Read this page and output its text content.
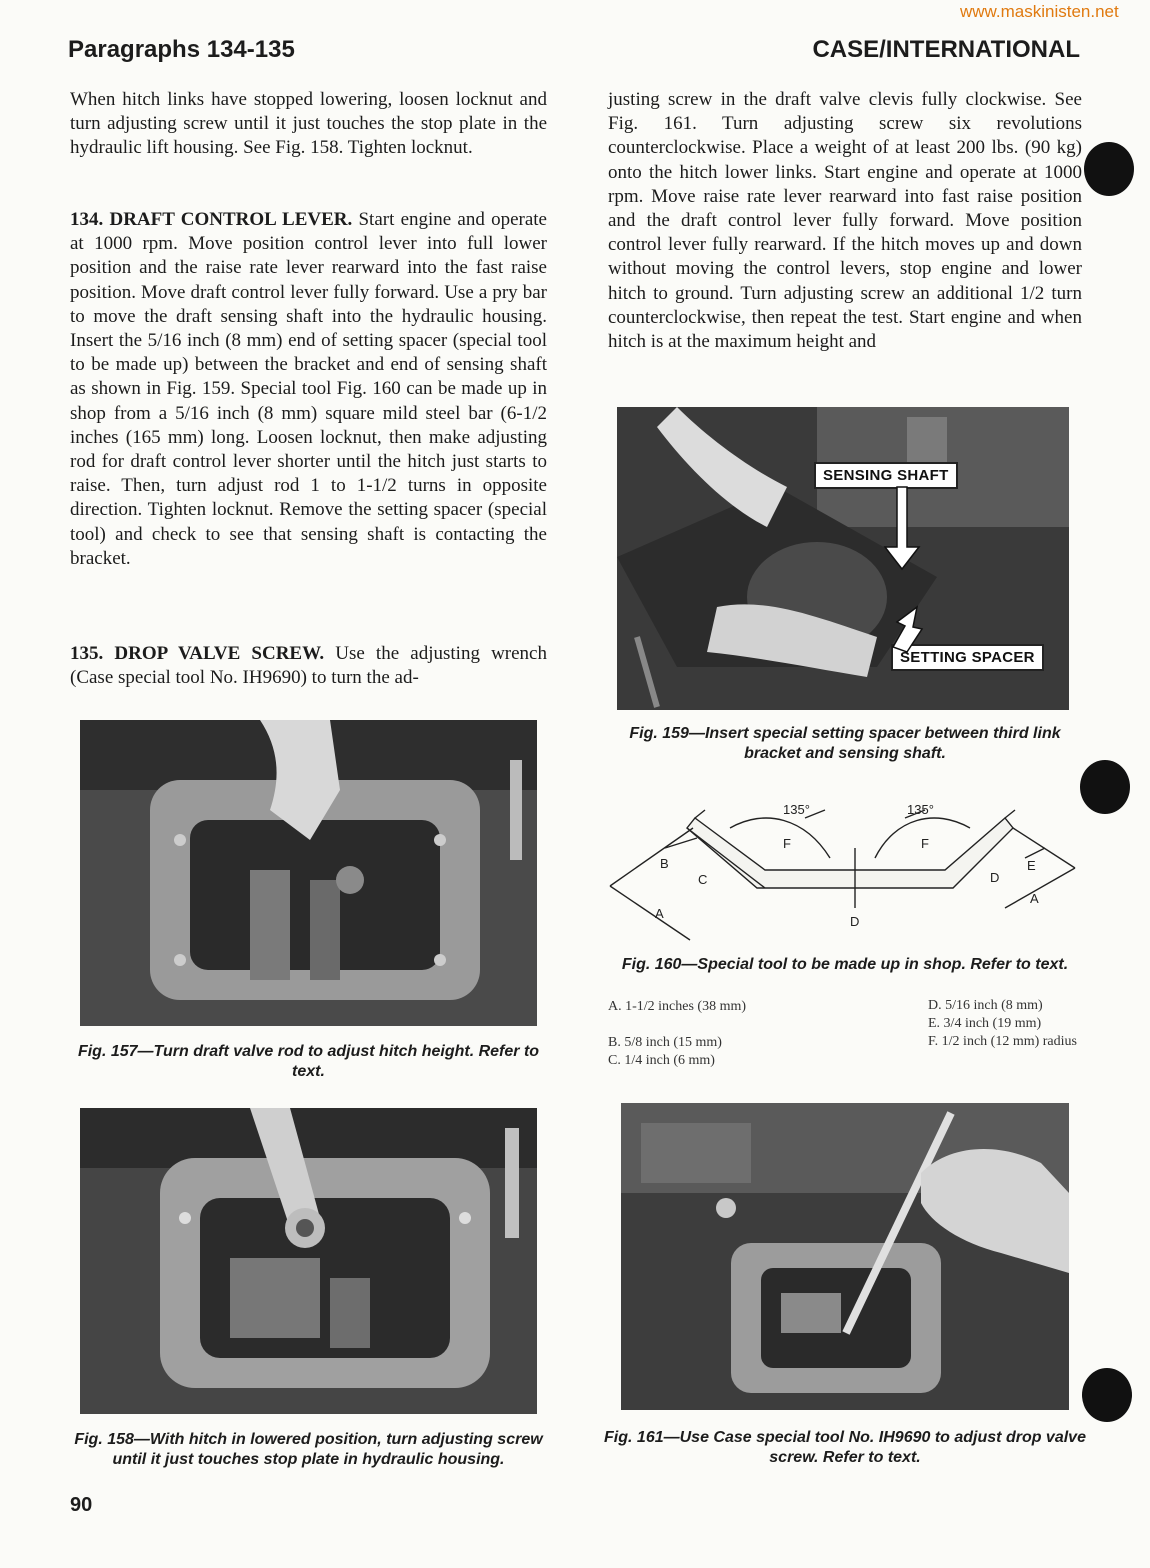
www.maskinisten.net
Paragraphs 134-135	CASE/INTERNATIONAL

When hitch links have stopped lowering, loosen locknut and turn adjusting screw until it just touches the stop plate in the hydraulic lift housing. See Fig. 158. Tighten locknut.

134. DRAFT CONTROL LEVER. Start engine and operate at 1000 rpm. Move position control lever into full lower position and the raise rate lever rearward into the fast raise position. Move draft control lever fully forward. Use a pry bar to move the draft sensing shaft into the hydraulic housing. Insert the 5/16 inch (8 mm) end of setting spacer (special tool to be made up) between the bracket and end of sensing shaft as shown in Fig. 159. Special tool Fig. 160 can be made up in shop from a 5/16 inch (8 mm) square mild steel bar (6-1/2 inches (165 mm) long. Loosen locknut, then make adjusting rod for draft control lever shorter until the hitch just starts to raise. Then, turn adjust rod 1 to 1-1/2 turns in opposite direction. Tighten locknut. Remove the setting spacer (special tool) and check to see that sensing shaft is contacting the bracket.

135. DROP VALVE SCREW. Use the adjusting wrench (Case special tool No. IH9690) to turn the ad-

justing screw in the draft valve clevis fully clockwise. See Fig. 161. Turn adjusting screw six revolutions counterclockwise. Place a weight of at least 200 lbs. (90 kg) onto the hitch lower links. Start engine and operate at 1000 rpm. Move raise rate lever rearward into fast raise position and the draft control lever fully forward. Move position control lever fully rearward. If the hitch moves up and down without moving the control levers, stop engine and lower hitch to ground. Turn adjusting screw an additional 1/2 turn counterclockwise, then repeat the test. Start engine and when hitch is at the maximum height and

Fig. 157—Turn draft valve rod to adjust hitch height. Refer to text.
Fig. 158—With hitch in lowered position, turn adjusting screw until it just touches stop plate in hydraulic housing.
SENSING SHAFT
SETTING SPACER
Fig. 159—Insert special setting spacer between third link bracket and sensing shaft.
135°	135°
A
A
B
C
D
D
E
F	F
Fig. 160—Special tool to be made up in shop. Refer to text.
A. 1-1/2 inches (38 mm)
B. 5/8 inch (15 mm)
C. 1/4 inch (6 mm)
D. 5/16 inch (8 mm)
E. 3/4 inch (19 mm)
F. 1/2 inch (12 mm) radius
Fig. 161—Use Case special tool No. IH9690 to adjust drop valve screw. Refer to text.
90
